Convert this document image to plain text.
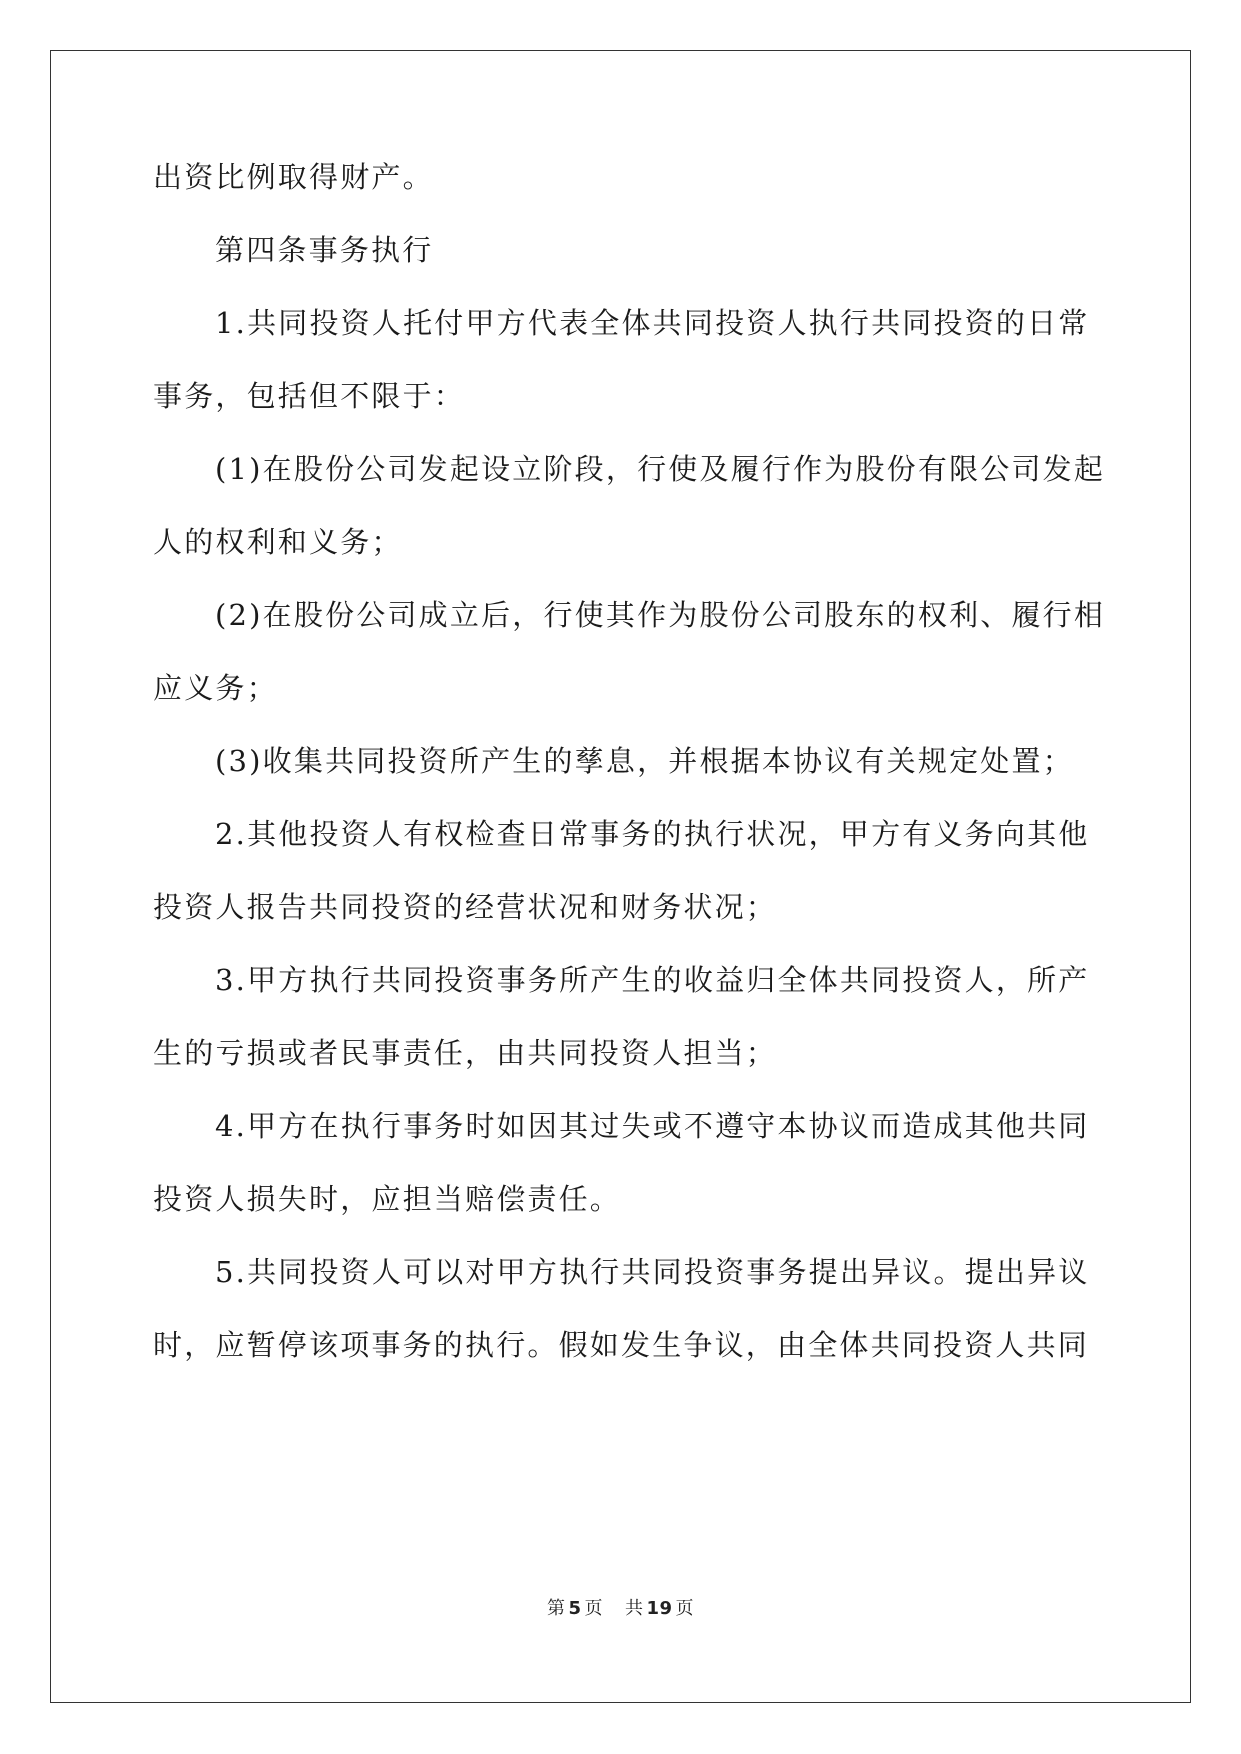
出资比例取得财产。
第四条事务执行
1.共同投资人托付甲方代表全体共同投资人执行共同投资的日常
事务，包括但不限于：
(1)在股份公司发起设立阶段，行使及履行作为股份有限公司发起
人的权利和义务；
(2)在股份公司成立后，行使其作为股份公司股东的权利、履行相
应义务；
(3)收集共同投资所产生的孳息，并根据本协议有关规定处置；
2.其他投资人有权检查日常事务的执行状况，甲方有义务向其他
投资人报告共同投资的经营状况和财务状况；
3.甲方执行共同投资事务所产生的收益归全体共同投资人，所产
生的亏损或者民事责任，由共同投资人担当；
4.甲方在执行事务时如因其过失或不遵守本协议而造成其他共同
投资人损失时，应担当赔偿责任。
5.共同投资人可以对甲方执行共同投资事务提出异议。提出异议
时，应暂停该项事务的执行。假如发生争议，由全体共同投资人共同
第 5 页 共 19 页
